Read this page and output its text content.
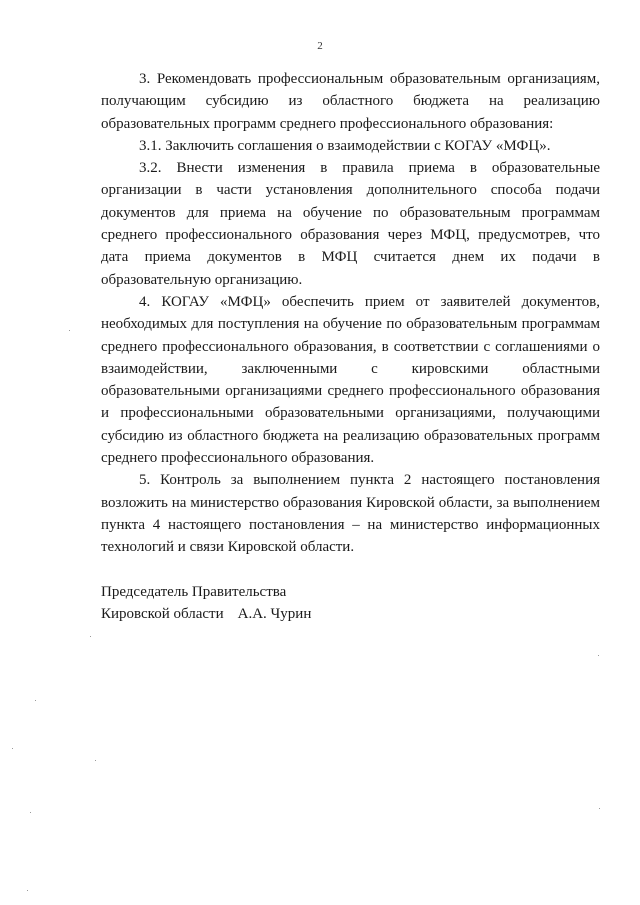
2

3. Рекомендовать профессиональным образовательным организациям, получающим субсидию из областного бюджета на реализацию образовательных программ среднего профессионального образования:

3.1. Заключить соглашения о взаимодействии с КОГАУ «МФЦ».

3.2. Внести изменения в правила приема в образовательные организации в части установления дополнительного способа подачи документов для приема на обучение по образовательным программам среднего профессионального образования через МФЦ, предусмотрев, что дата приема документов в МФЦ считается днем их подачи в образовательную организацию.

4. КОГАУ «МФЦ» обеспечить прием от заявителей документов, необходимых для поступления на обучение по образовательным программам среднего профессионального образования, в соответствии с соглашениями о взаимодействии, заключенными с кировскими областными образовательными организациями среднего профессионального образования и профессиональными образовательными организациями, получающими субсидию из областного бюджета на реализацию образовательных программ среднего профессионального образования.

5. Контроль за выполнением пункта 2 настоящего постановления возложить на министерство образования Кировской области, за выполнением пункта 4 настоящего постановления – на министерство информационных технологий и связи Кировской области.

Председатель Правительства
Кировской области А.А. Чурин
